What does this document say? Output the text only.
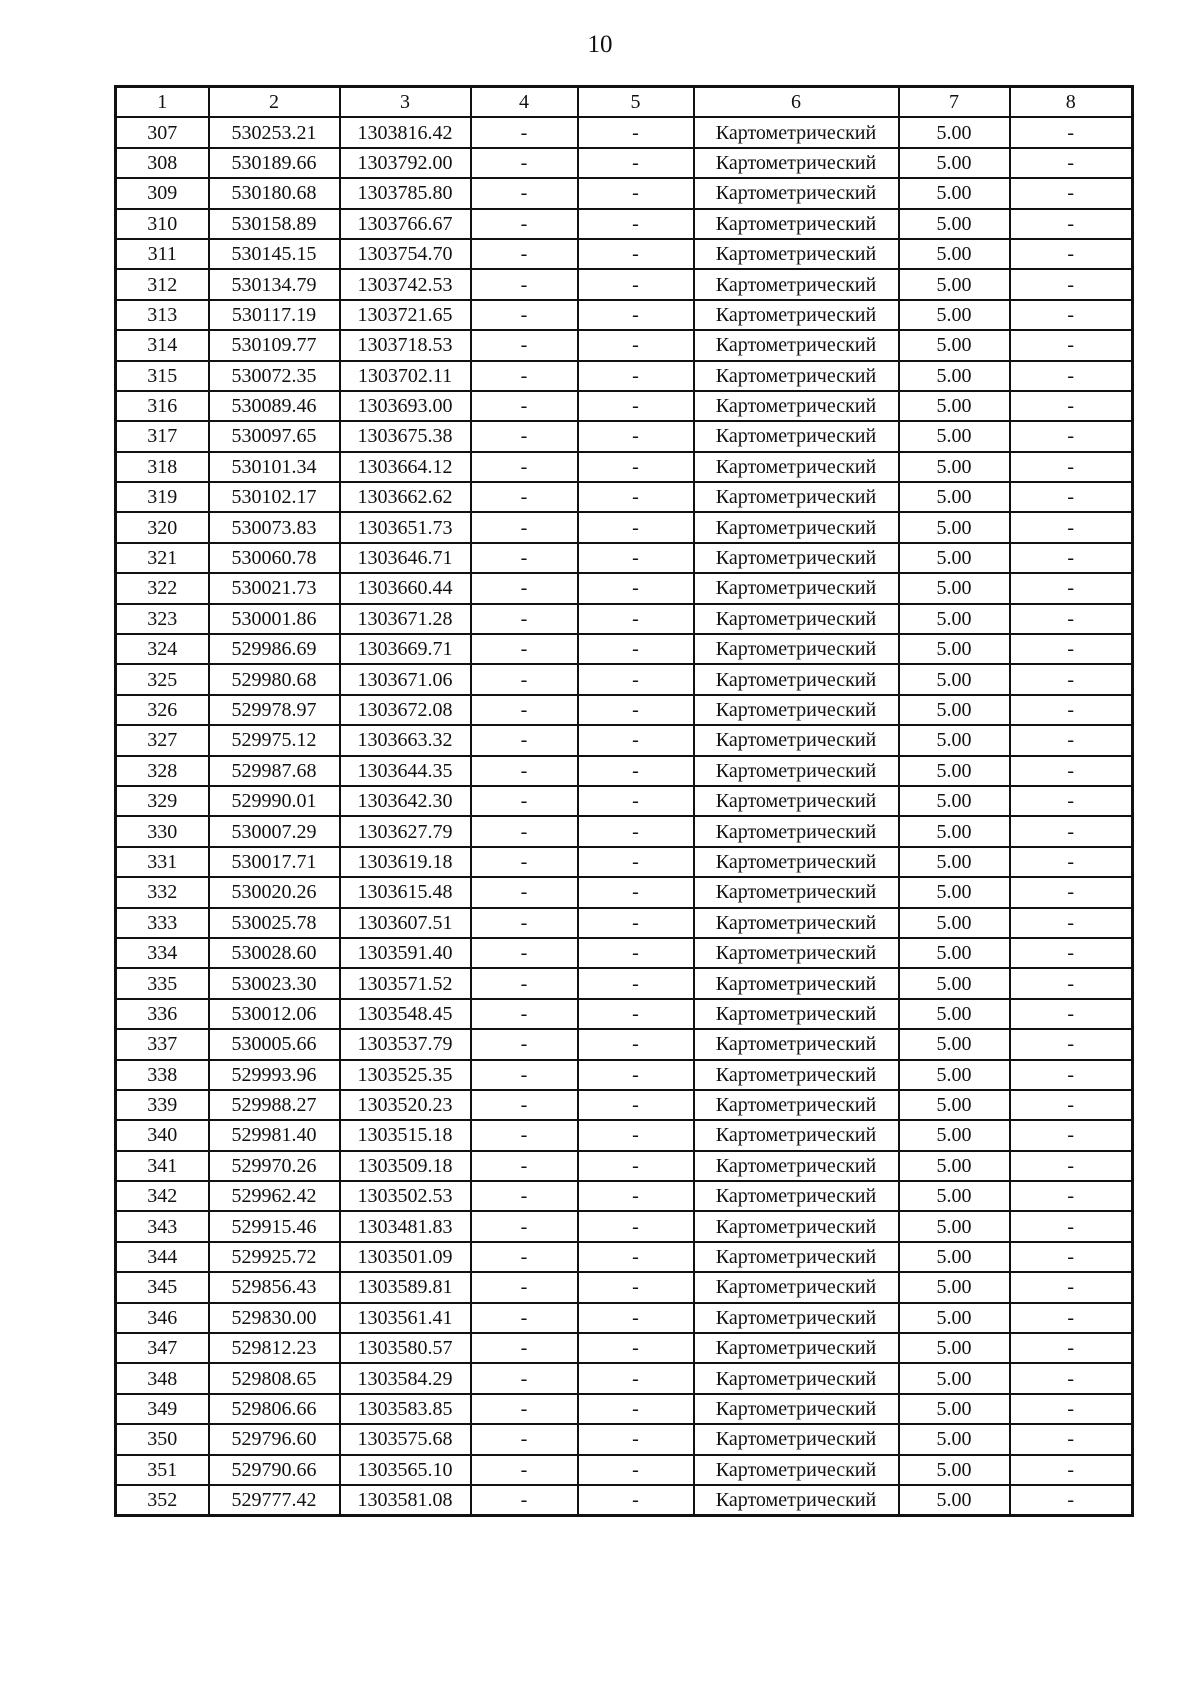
10
1	2	3	4	5	6	7	8
307	530253.21	1303816.42	-	-	Картометрический	5.00	-
308	530189.66	1303792.00	-	-	Картометрический	5.00	-
309	530180.68	1303785.80	-	-	Картометрический	5.00	-
310	530158.89	1303766.67	-	-	Картометрический	5.00	-
311	530145.15	1303754.70	-	-	Картометрический	5.00	-
312	530134.79	1303742.53	-	-	Картометрический	5.00	-
313	530117.19	1303721.65	-	-	Картометрический	5.00	-
314	530109.77	1303718.53	-	-	Картометрический	5.00	-
315	530072.35	1303702.11	-	-	Картометрический	5.00	-
316	530089.46	1303693.00	-	-	Картометрический	5.00	-
317	530097.65	1303675.38	-	-	Картометрический	5.00	-
318	530101.34	1303664.12	-	-	Картометрический	5.00	-
319	530102.17	1303662.62	-	-	Картометрический	5.00	-
320	530073.83	1303651.73	-	-	Картометрический	5.00	-
321	530060.78	1303646.71	-	-	Картометрический	5.00	-
322	530021.73	1303660.44	-	-	Картометрический	5.00	-
323	530001.86	1303671.28	-	-	Картометрический	5.00	-
324	529986.69	1303669.71	-	-	Картометрический	5.00	-
325	529980.68	1303671.06	-	-	Картометрический	5.00	-
326	529978.97	1303672.08	-	-	Картометрический	5.00	-
327	529975.12	1303663.32	-	-	Картометрический	5.00	-
328	529987.68	1303644.35	-	-	Картометрический	5.00	-
329	529990.01	1303642.30	-	-	Картометрический	5.00	-
330	530007.29	1303627.79	-	-	Картометрический	5.00	-
331	530017.71	1303619.18	-	-	Картометрический	5.00	-
332	530020.26	1303615.48	-	-	Картометрический	5.00	-
333	530025.78	1303607.51	-	-	Картометрический	5.00	-
334	530028.60	1303591.40	-	-	Картометрический	5.00	-
335	530023.30	1303571.52	-	-	Картометрический	5.00	-
336	530012.06	1303548.45	-	-	Картометрический	5.00	-
337	530005.66	1303537.79	-	-	Картометрический	5.00	-
338	529993.96	1303525.35	-	-	Картометрический	5.00	-
339	529988.27	1303520.23	-	-	Картометрический	5.00	-
340	529981.40	1303515.18	-	-	Картометрический	5.00	-
341	529970.26	1303509.18	-	-	Картометрический	5.00	-
342	529962.42	1303502.53	-	-	Картометрический	5.00	-
343	529915.46	1303481.83	-	-	Картометрический	5.00	-
344	529925.72	1303501.09	-	-	Картометрический	5.00	-
345	529856.43	1303589.81	-	-	Картометрический	5.00	-
346	529830.00	1303561.41	-	-	Картометрический	5.00	-
347	529812.23	1303580.57	-	-	Картометрический	5.00	-
348	529808.65	1303584.29	-	-	Картометрический	5.00	-
349	529806.66	1303583.85	-	-	Картометрический	5.00	-
350	529796.60	1303575.68	-	-	Картометрический	5.00	-
351	529790.66	1303565.10	-	-	Картометрический	5.00	-
352	529777.42	1303581.08	-	-	Картометрический	5.00	-
